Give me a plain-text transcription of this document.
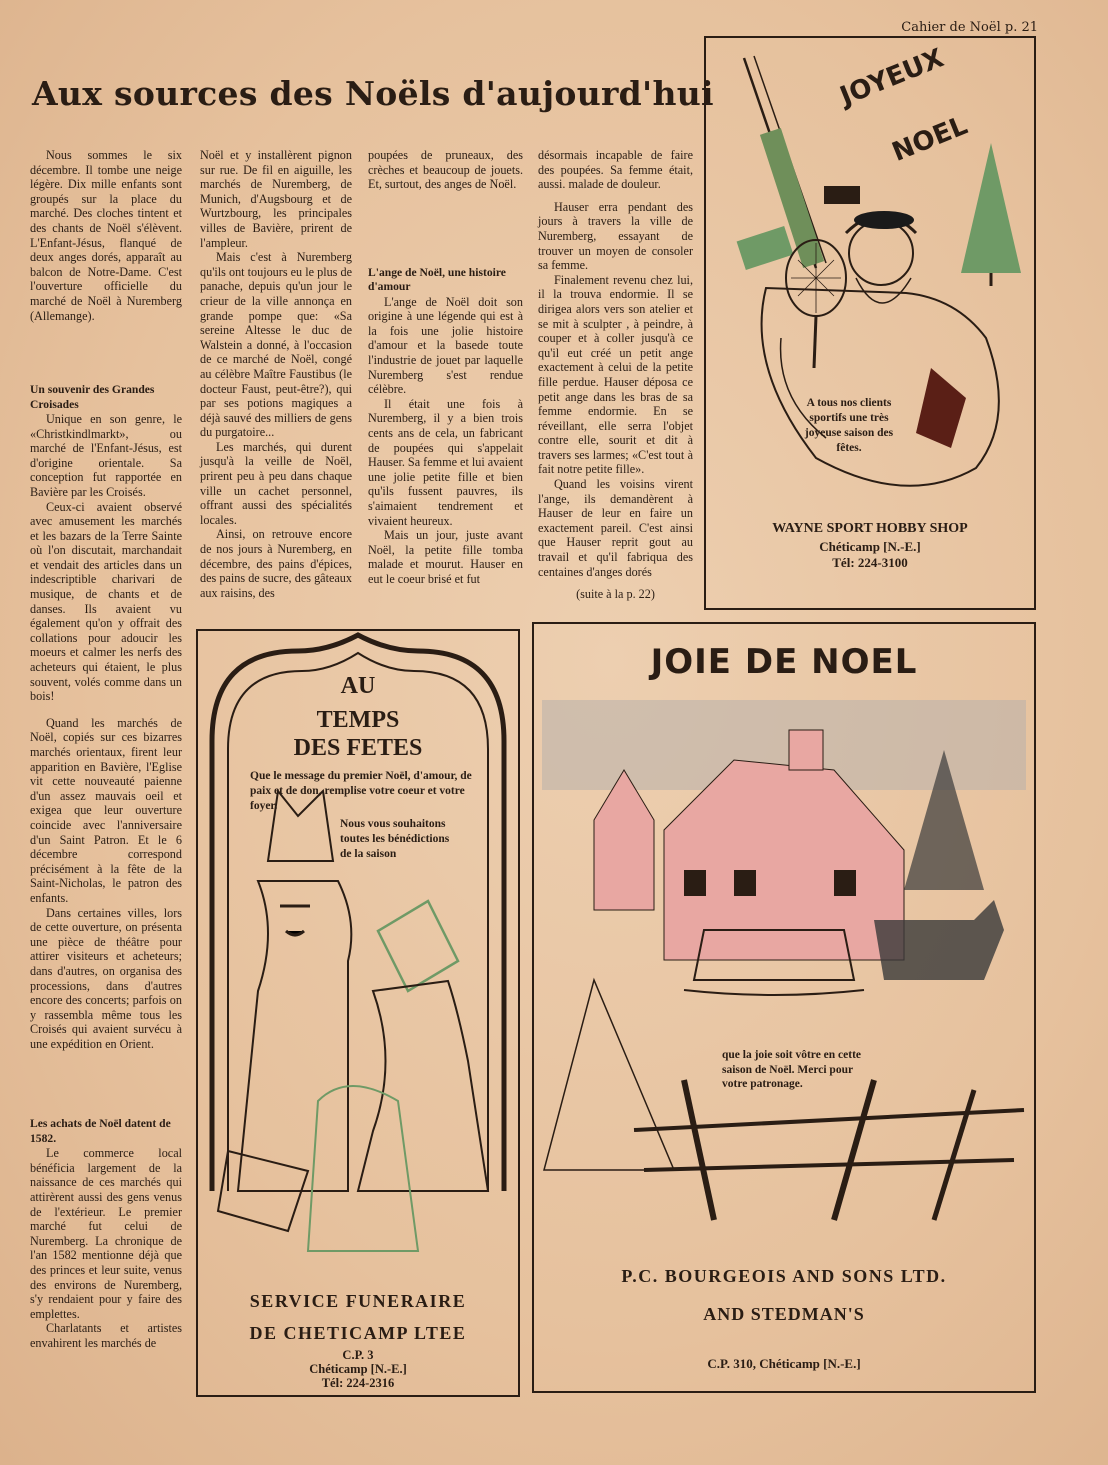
Cahier de Noël p. 21
Aux sources des Noëls d'aujourd'hui

Nous sommes le six décembre. Il tombe une neige légère. Dix mille enfants sont groupés sur la place du marché. Des cloches tintent et des chants de Noël s'élèvent. L'Enfant-Jésus, flanqué de deux anges dorés, apparaît au balcon de Notre-Dame. C'est l'ouverture officielle du marché de Noël à Nuremberg (Allemange).

Un souvenir des Grandes Croisades

Unique en son genre, le «Christkindlmarkt», ou marché de l'Enfant-Jésus, est d'origine orientale. Sa conception fut rapportée en Bavière par les Croisés.

Ceux-ci avaient observé avec amusement les marchés et les bazars de la Terre Sainte où l'on discutait, marchandait et vendait des articles dans un indescriptible charivari de musique, de chants et de danses. Ils avaient vu également qu'on y offrait des collations pour adoucir les moeurs et calmer les nerfs des acheteurs qui étaient, le plus souvent, volés comme dans un bois!

Quand les marchés de Noël, copiés sur ces bizarres marchés orientaux, firent leur apparition en Bavière, l'Eglise vit cette nouveauté paienne d'un assez mauvais oeil et exigea que leur ouverture coincide avec l'anniversaire d'un Saint Patron. Et le 6 décembre correspond précisément à la fête de la Saint-Nicholas, le patron des enfants.

Dans certaines villes, lors de cette ouverture, on présenta une pièce de théâtre pour attirer visiteurs et acheteurs; dans d'autres, on organisa des processions, dans d'autres encore des concerts; parfois on y rassembla même tous les Croisés qui avaient survécu à une expédition en Orient.

Les achats de Noël datent de 1582.

Le commerce local bénéficia largement de la naissance de ces marchés qui attirèrent aussi des gens venus de l'extérieur. Le premier marché fut celui de Nuremberg. La chronique de l'an 1582 mentionne déjà que des princes et leur suite, venus des environs de Nuremberg, s'y rendaient pour y faire des emplettes.

Charlatants et artistes envahirent les marchés de

Noël et y installèrent pignon sur rue. De fil en aiguille, les marchés de Nuremberg, de Munich, d'Augsbourg et de Wurtzbourg, les principales villes de Bavière, prirent de l'ampleur.

Mais c'est à Nuremberg qu'ils ont toujours eu le plus de panache, depuis qu'un jour le crieur de la ville annonça en grande pompe que: «Sa sereine Altesse le duc de Walstein a donné, à l'occasion de ce marché de Noël, congé au célèbre Maître Faustibus (le docteur Faust, peut-être?), qui par ses potions magiques a déjà sauvé des milliers de gens du purgatoire...

Les marchés, qui durent jusqu'à la veille de Noël, prirent peu à peu dans chaque ville un cachet personnel, offrant aussi des spécialités locales.

Ainsi, on retrouve encore de nos jours à Nuremberg, en décembre, des pains d'épices, des pains de sucre, des gâteaux aux raisins, des

poupées de pruneaux, des crèches et beaucoup de jouets. Et, surtout, des anges de Noël.

L'ange de Noël, une histoire d'amour

L'ange de Noël doit son origine à une légende qui est à la fois une jolie histoire d'amour et la basede toute l'industrie de jouet par laquelle Nuremberg s'est rendue célèbre.

Il était une fois à Nuremberg, il y a bien trois cents ans de cela, un fabricant de poupées qui s'appelait Hauser. Sa femme et lui avaient une jolie petite fille et bien qu'ils fussent pauvres, ils s'aimaient tendrement et vivaient heureux.

Mais un jour, juste avant Noël, la petite fille tomba malade et mourut. Hauser en eut le coeur brisé et fut

désormais incapable de faire des poupées. Sa femme était, aussi. malade de douleur.

Hauser erra pendant des jours à travers la ville de Nuremberg, essayant de trouver un moyen de consoler sa femme.

Finalement revenu chez lui, il la trouva endormie. Il se dirigea alors vers son atelier et se mit à sculpter , à peindre, à couper et à coller jusqu'à ce qu'il eut créé un petit ange exactement à celui de la petite fille perdue. Hauser déposa ce petit ange dans les bras de sa femme endormie. En se réveillant, elle serra l'objet contre elle, sourit et dit à travers ses larmes; «C'est tout à fait notre petite fille».

Quand les voisins virent l'ange, ils demandèrent à Hauser de leur en faire un exactement pareil. C'est ainsi que Hauser reprit gout au travail et qu'il fabriqua des centaines d'anges dorés

(suite à la p. 22)

JOYEUX
NOEL
A tous nos clients sportifs une très joyeuse saison des fêtes.
WAYNE SPORT HOBBY SHOP
Chéticamp [N.-E.]
Tél: 224-3100
AU
TEMPS
DES FETES
Que le message du premier Noël, d'amour, de paix et de don, remplise votre coeur et votre foyer.
Nous vous souhaitons toutes les bénédictions de la saison
SERVICE FUNERAIRE
DE CHETICAMP LTEE
C.P. 3
Chéticamp [N.-E.]
Tél: 224-2316
JOIE DE NOEL
que la joie soit vôtre en cette saison de Noël. Merci pour votre patronage.
P.C. BOURGEOIS AND SONS LTD.
AND STEDMAN'S
C.P. 310, Chéticamp [N.-E.]
